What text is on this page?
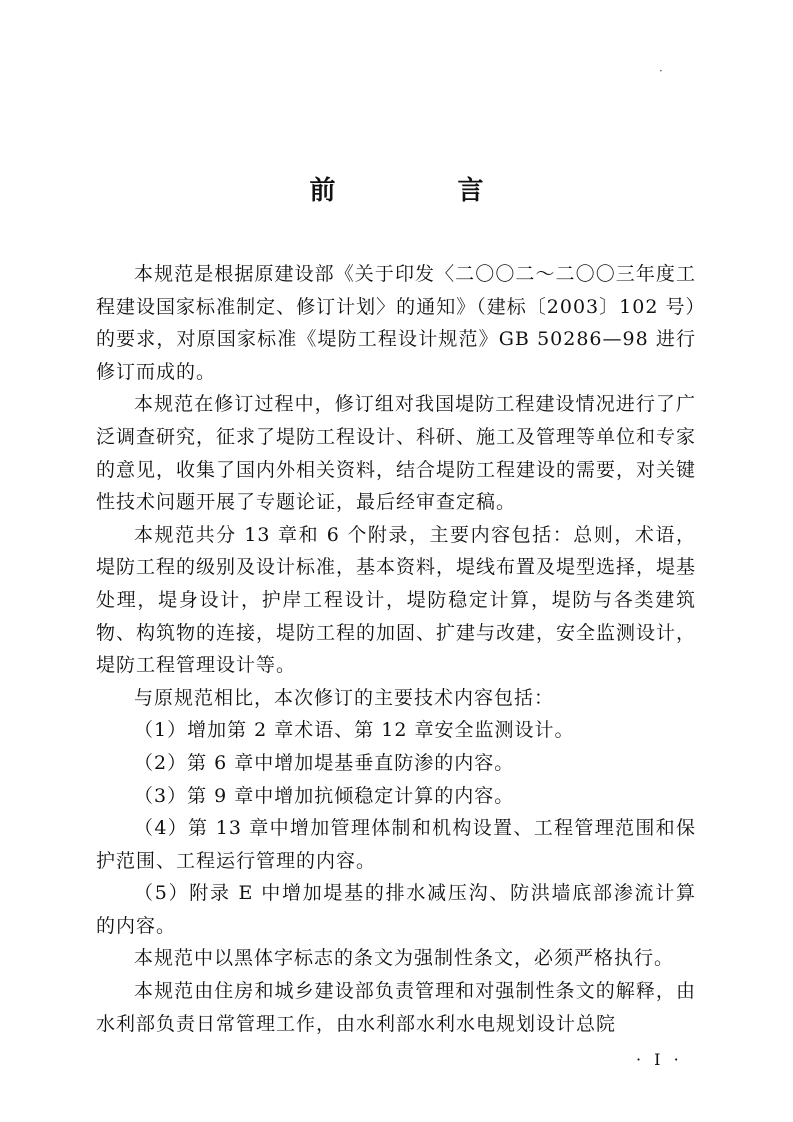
·
前　言

本规范是根据原建设部《关于印发〈二〇〇二～二〇〇三年度工程建设国家标准制定、修订计划〉的通知》（建标〔2003〕102 号）的要求，对原国家标准《堤防工程设计规范》GB 50286—98 进行修订而成的。

本规范在修订过程中，修订组对我国堤防工程建设情况进行了广泛调查研究，征求了堤防工程设计、科研、施工及管理等单位和专家的意见，收集了国内外相关资料，结合堤防工程建设的需要，对关键性技术问题开展了专题论证，最后经审查定稿。

本规范共分 13 章和 6 个附录，主要内容包括：总则，术语，堤防工程的级别及设计标准，基本资料，堤线布置及堤型选择，堤基处理，堤身设计，护岸工程设计，堤防稳定计算，堤防与各类建筑物、构筑物的连接，堤防工程的加固、扩建与改建，安全监测设计，堤防工程管理设计等。

与原规范相比，本次修订的主要技术内容包括：

（1）增加第 2 章术语、第 12 章安全监测设计。

（2）第 6 章中增加堤基垂直防渗的内容。

（3）第 9 章中增加抗倾稳定计算的内容。

（4）第 13 章中增加管理体制和机构设置、工程管理范围和保护范围、工程运行管理的内容。

（5）附录 E 中增加堤基的排水减压沟、防洪墙底部渗流计算的内容。

本规范中以黑体字标志的条文为强制性条文，必须严格执行。

本规范由住房和城乡建设部负责管理和对强制性条文的解释，由水利部负责日常管理工作，由水利部水利水电规划设计总院

· I ·
